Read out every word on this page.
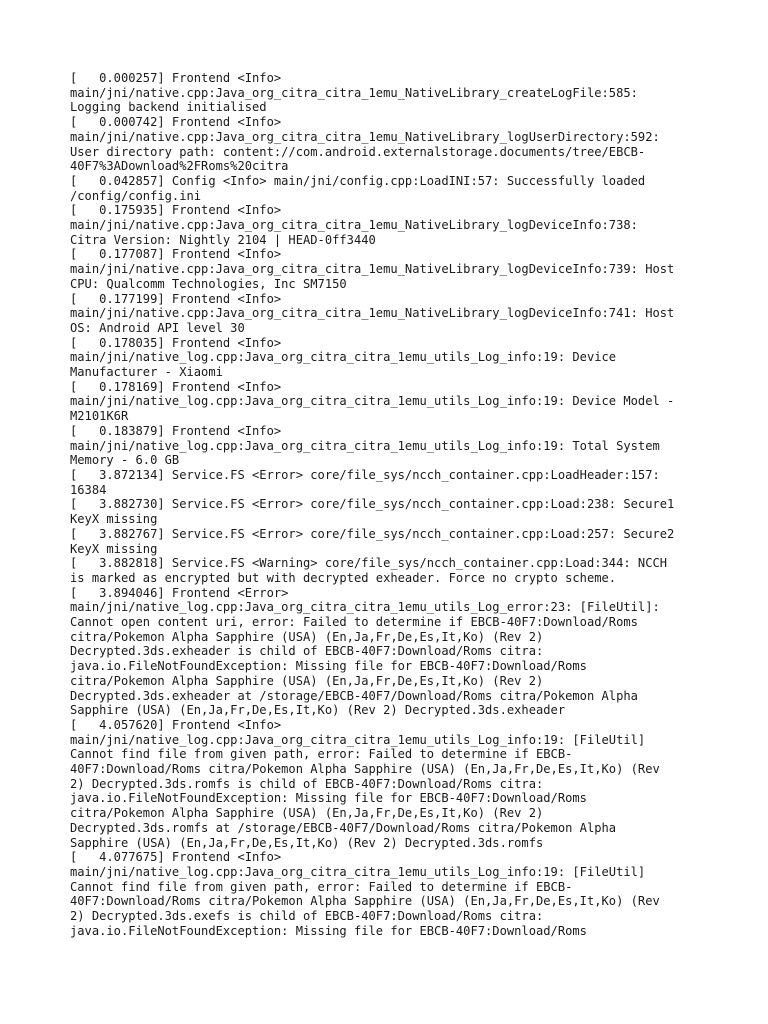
[   0.000257] Frontend <Info>
main/jni/native.cpp:Java_org_citra_citra_1emu_NativeLibrary_createLogFile:585:
Logging backend initialised
[   0.000742] Frontend <Info>
main/jni/native.cpp:Java_org_citra_citra_1emu_NativeLibrary_logUserDirectory:592:
User directory path: content://com.android.externalstorage.documents/tree/EBCB-
40F7%3ADownload%2FRoms%20citra
[   0.042857] Config <Info> main/jni/config.cpp:LoadINI:57: Successfully loaded
/config/config.ini
[   0.175935] Frontend <Info>
main/jni/native.cpp:Java_org_citra_citra_1emu_NativeLibrary_logDeviceInfo:738:
Citra Version: Nightly 2104 | HEAD-0ff3440
[   0.177087] Frontend <Info>
main/jni/native.cpp:Java_org_citra_citra_1emu_NativeLibrary_logDeviceInfo:739: Host
CPU: Qualcomm Technologies, Inc SM7150
[   0.177199] Frontend <Info>
main/jni/native.cpp:Java_org_citra_citra_1emu_NativeLibrary_logDeviceInfo:741: Host
OS: Android API level 30
[   0.178035] Frontend <Info>
main/jni/native_log.cpp:Java_org_citra_citra_1emu_utils_Log_info:19: Device
Manufacturer - Xiaomi
[   0.178169] Frontend <Info>
main/jni/native_log.cpp:Java_org_citra_citra_1emu_utils_Log_info:19: Device Model -
M2101K6R
[   0.183879] Frontend <Info>
main/jni/native_log.cpp:Java_org_citra_citra_1emu_utils_Log_info:19: Total System
Memory - 6.0 GB
[   3.872134] Service.FS <Error> core/file_sys/ncch_container.cpp:LoadHeader:157:
16384
[   3.882730] Service.FS <Error> core/file_sys/ncch_container.cpp:Load:238: Secure1
KeyX missing
[   3.882767] Service.FS <Error> core/file_sys/ncch_container.cpp:Load:257: Secure2
KeyX missing
[   3.882818] Service.FS <Warning> core/file_sys/ncch_container.cpp:Load:344: NCCH
is marked as encrypted but with decrypted exheader. Force no crypto scheme.
[   3.894046] Frontend <Error>
main/jni/native_log.cpp:Java_org_citra_citra_1emu_utils_Log_error:23: [FileUtil]:
Cannot open content uri, error: Failed to determine if EBCB-40F7:Download/Roms
citra/Pokemon Alpha Sapphire (USA) (En,Ja,Fr,De,Es,It,Ko) (Rev 2)
Decrypted.3ds.exheader is child of EBCB-40F7:Download/Roms citra:
java.io.FileNotFoundException: Missing file for EBCB-40F7:Download/Roms
citra/Pokemon Alpha Sapphire (USA) (En,Ja,Fr,De,Es,It,Ko) (Rev 2)
Decrypted.3ds.exheader at /storage/EBCB-40F7/Download/Roms citra/Pokemon Alpha
Sapphire (USA) (En,Ja,Fr,De,Es,It,Ko) (Rev 2) Decrypted.3ds.exheader
[   4.057620] Frontend <Info>
main/jni/native_log.cpp:Java_org_citra_citra_1emu_utils_Log_info:19: [FileUtil]
Cannot find file from given path, error: Failed to determine if EBCB-
40F7:Download/Roms citra/Pokemon Alpha Sapphire (USA) (En,Ja,Fr,De,Es,It,Ko) (Rev
2) Decrypted.3ds.romfs is child of EBCB-40F7:Download/Roms citra:
java.io.FileNotFoundException: Missing file for EBCB-40F7:Download/Roms
citra/Pokemon Alpha Sapphire (USA) (En,Ja,Fr,De,Es,It,Ko) (Rev 2)
Decrypted.3ds.romfs at /storage/EBCB-40F7/Download/Roms citra/Pokemon Alpha
Sapphire (USA) (En,Ja,Fr,De,Es,It,Ko) (Rev 2) Decrypted.3ds.romfs
[   4.077675] Frontend <Info>
main/jni/native_log.cpp:Java_org_citra_citra_1emu_utils_Log_info:19: [FileUtil]
Cannot find file from given path, error: Failed to determine if EBCB-
40F7:Download/Roms citra/Pokemon Alpha Sapphire (USA) (En,Ja,Fr,De,Es,It,Ko) (Rev
2) Decrypted.3ds.exefs is child of EBCB-40F7:Download/Roms citra:
java.io.FileNotFoundException: Missing file for EBCB-40F7:Download/Roms
